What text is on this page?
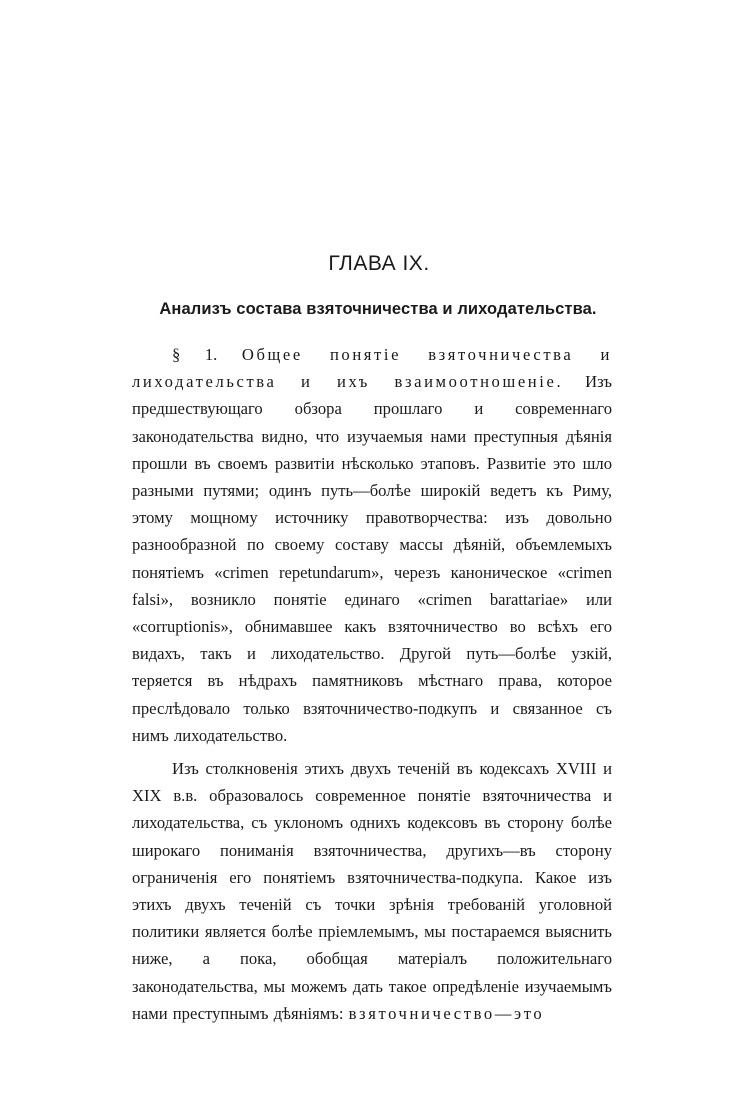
ГЛАВА IX.
Анализъ состава взяточничества и лиходательства.

§ 1. Общее понятіе взяточничества и лиходательства и ихъ взаимоотношеніе. Изъ предшествующаго обзора прошлаго и современнаго законодательства видно, что изучаемыя нами преступныя дѣянія прошли въ своемъ развитіи нѣсколько этаповъ. Развитіе это шло разными путями; одинъ путь—болѣе широкій ведетъ къ Риму, этому мощному источнику правотворчества: изъ довольно разнообразной по своему составу массы дѣяній, объемлемыхъ понятіемъ «crimen repetundarum», черезъ каноническое «crimen falsi», возникло понятіе единаго «crimen barattariae» или «corruptionis», обнимавшее какъ взяточничество во всѣхъ его видахъ, такъ и лиходательство. Другой путь—болѣе узкій, теряется въ нѣдрахъ памятниковъ мѣстнаго права, которое преслѣдовало только взяточничество-подкупъ и связанное съ нимъ лиходательство.

Изъ столкновенія этихъ двухъ теченій въ кодексахъ XVIII и XIX в.в. образовалось современное понятіе взяточничества и лиходательства, съ уклономъ однихъ кодексовъ въ сторону болѣе широкаго пониманія взяточничества, другихъ—въ сторону ограниченія его понятіемъ взяточничества-подкупа. Какое изъ этихъ двухъ теченій съ точки зрѣнія требованій уголовной политики является болѣе пріемлемымъ, мы постараемся выяснить ниже, а пока, обобщая матеріалъ положительнаго законодательства, мы можемъ дать такое опредѣленіе изучаемымъ нами преступнымъ дѣяніямъ: взяточничество—это
